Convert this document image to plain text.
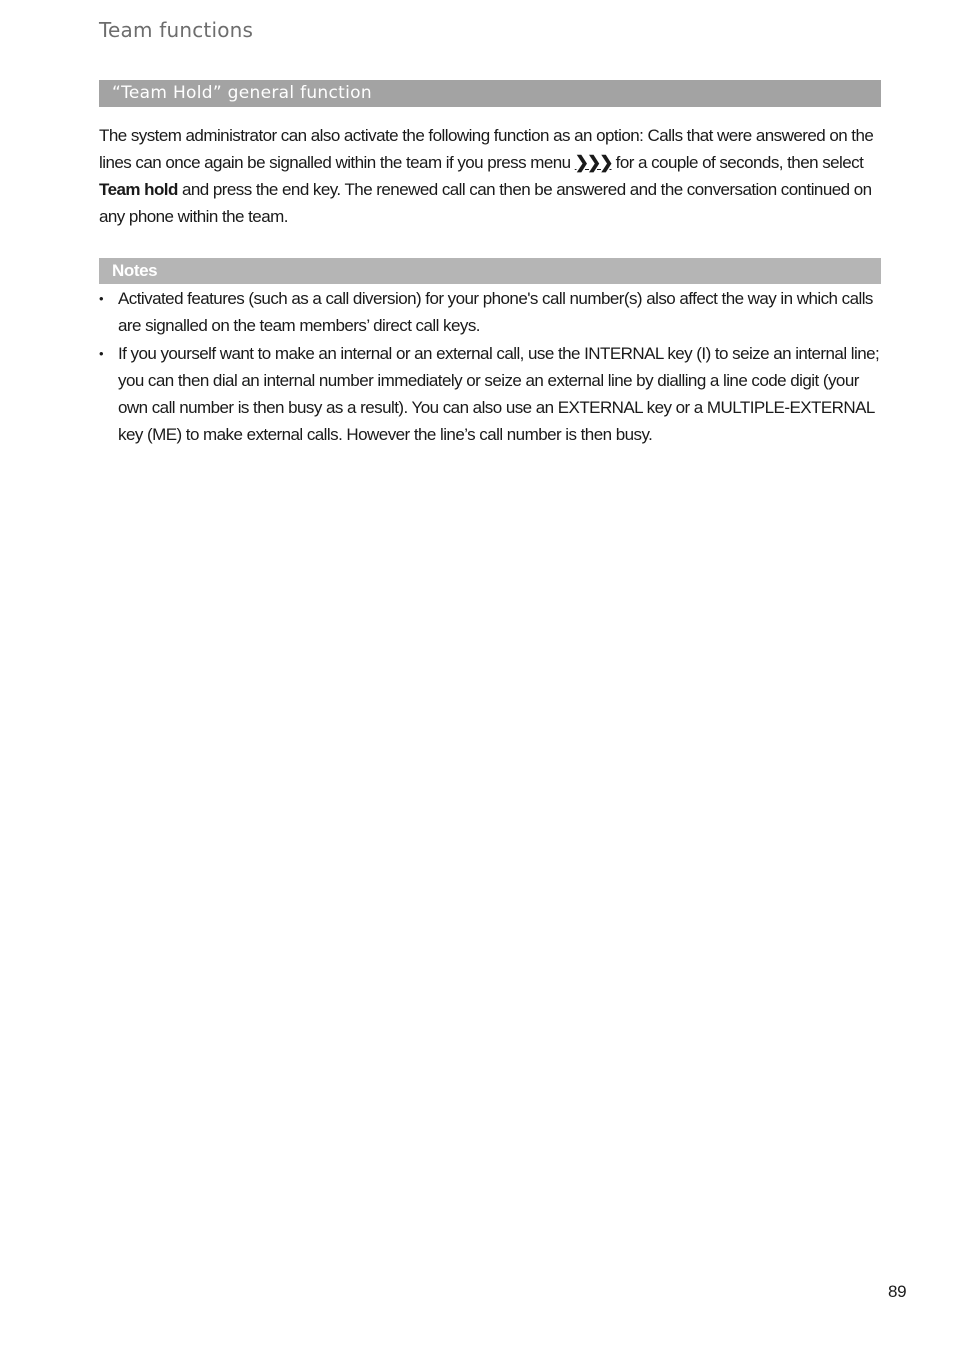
Team functions
“Team Hold” general function

The system administrator can also activate the following function as an option: Calls that were answered on the lines can once again be signalled within the team if you press menu ❯❯❯ for a couple of seconds, then select Team hold and press the end key. The renewed call can then be answered and the conversation continued on any phone within the team.

Notes
• Activated features (such as a call diversion) for your phone's call number(s) also affect the way in which calls are signalled on the team members’ direct call keys.
• If you yourself want to make an internal or an external call, use the INTERNAL key (I) to seize an internal line; you can then dial an internal number immediately or seize an external line by dialling a line code digit (your own call number is then busy as a result). You can also use an EXTERNAL key or a MULTIPLE-EXTERNAL key (ME) to make external calls. However the line’s call number is then busy.
89
